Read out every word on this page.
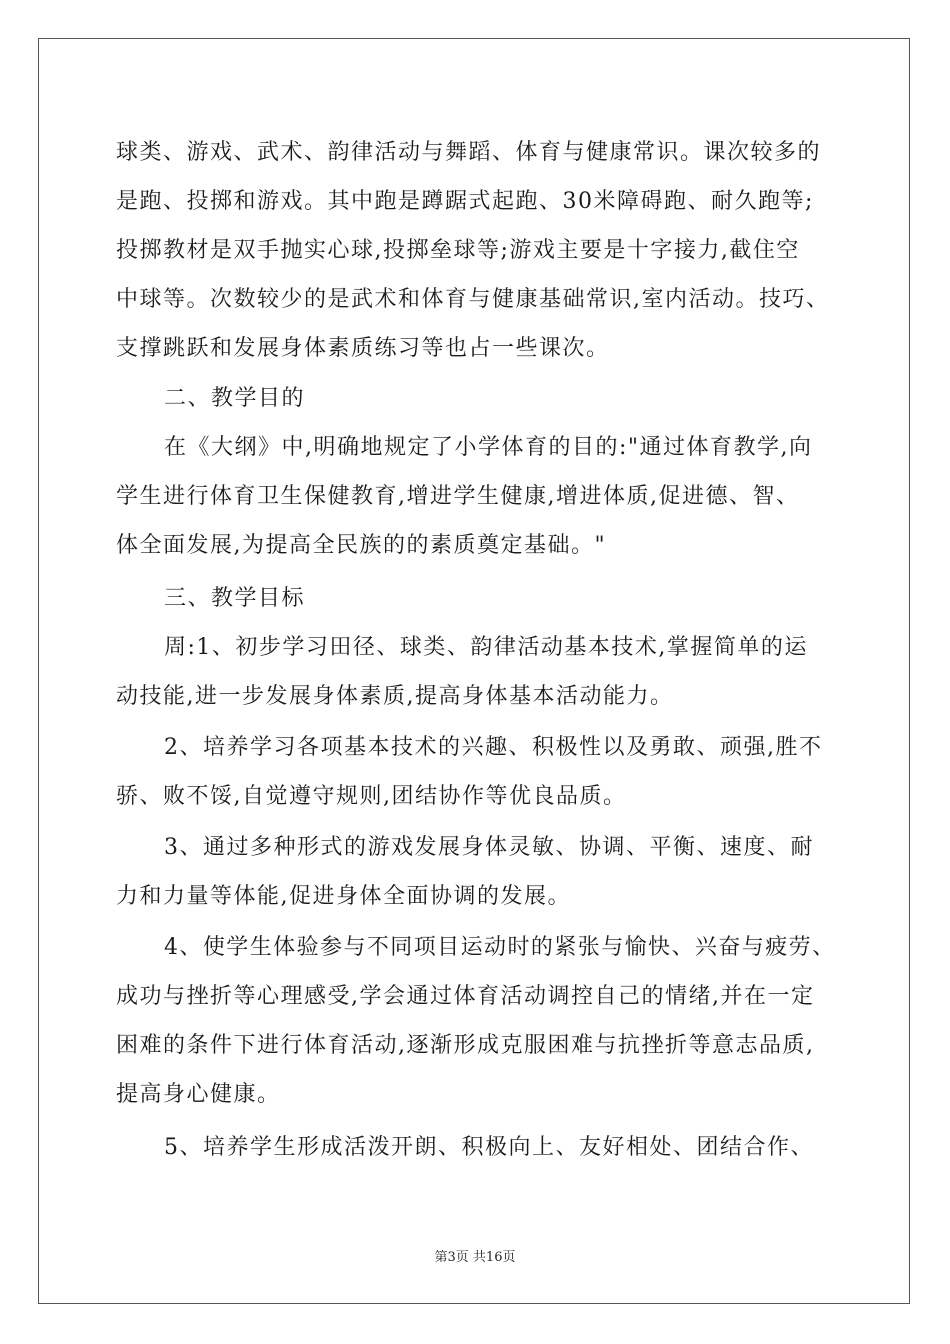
球类、游戏、武术、韵律活动与舞蹈、体育与健康常识。课次较多的
是跑、投掷和游戏。其中跑是蹲踞式起跑、30米障碍跑、耐久跑等;
投掷教材是双手抛实心球,投掷垒球等;游戏主要是十字接力,截住空
中球等。次数较少的是武术和体育与健康基础常识,室内活动。技巧、
支撑跳跃和发展身体素质练习等也占一些课次。
二、教学目的
在《大纲》中,明确地规定了小学体育的目的:"通过体育教学,向
学生进行体育卫生保健教育,增进学生健康,增进体质,促进德、智、
体全面发展,为提高全民族的的素质奠定基础。"
三、教学目标
周:1、初步学习田径、球类、韵律活动基本技术,掌握简单的运
动技能,进一步发展身体素质,提高身体基本活动能力。
2、培养学习各项基本技术的兴趣、积极性以及勇敢、顽强,胜不
骄、败不馁,自觉遵守规则,团结协作等优良品质。
3、通过多种形式的游戏发展身体灵敏、协调、平衡、速度、耐
力和力量等体能,促进身体全面协调的发展。
4、使学生体验参与不同项目运动时的紧张与愉快、兴奋与疲劳、
成功与挫折等心理感受,学会通过体育活动调控自己的情绪,并在一定
困难的条件下进行体育活动,逐渐形成克服困难与抗挫折等意志品质,
提高身心健康。
5、培养学生形成活泼开朗、积极向上、友好相处、团结合作、
第3页 共16页
